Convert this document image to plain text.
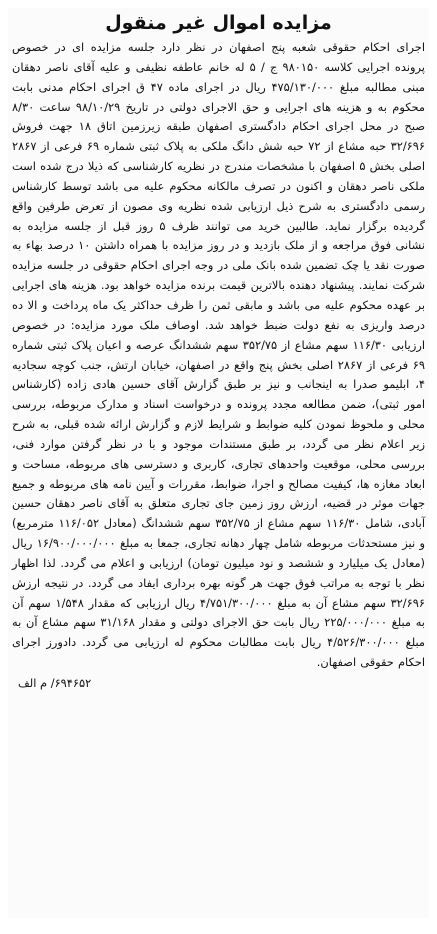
مزایده اموال غیر منقول

اجرای احکام حقوقی شعبه پنج اصفهان در نظر دارد جلسه مزایده ای در خصوص پرونده اجرایی کلاسه ۹۸۰۱۵۰ ج / ۵ له خانم عاطفه نظیفی و علیه آقای ناصر دهقان مبنی مطالبه مبلغ ۴۷۵/۱۳۰/۰۰۰ ریال در اجرای ماده ۴۷ ق اجرای احکام مدنی بابت محکوم به و هزینه های اجرایی و حق الاجرای دولتی در تاریخ ۹۸/۱۰/۲۹ ساعت ۸/۳۰ صبح در محل اجرای احکام دادگستری اصفهان طبقه زیرزمین اتاق ۱۸ جهت فروش ۳۲/۶۹۶ حبه مشاع از ۷۲ حبه شش دانگ ملکی به پلاک ثبتی شماره ۶۹ فرعی از ۲۸۶۷ اصلی بخش ۵ اصفهان با مشخصات مندرج در نظریه کارشناسی که ذیلا درج شده است ملکی ناصر دهقان و اکنون در تصرف مالکانه محکوم علیه می باشد توسط کارشناس رسمی دادگستری به شرح ذیل ارزیابی شده نظریه وی مصون از تعرض طرفین واقع گردیده برگزار نماید. طالبین خرید می توانند ظرف ۵ روز قبل از جلسه مزایده به نشانی فوق مراجعه و از ملک بازدید و در روز مزایده با همراه داشتن ۱۰ درصد بهاء به صورت نقد یا چک تضمین شده بانک ملی در وجه اجرای احکام حقوقی در جلسه مزایده شرکت نمایند. پیشنهاد دهنده بالاترین قیمت برنده مزایده خواهد بود. هزینه های اجرایی بر عهده محکوم علیه می باشد و مابقی ثمن را ظرف حداکثر یک ماه پرداخت و الا ده درصد واریزی به نفع دولت ضبط خواهد شد. اوصاف ملک مورد مزایده: در خصوص ارزیابی ۱۱۶/۳۰ سهم مشاع از ۳۵۲/۷۵ سهم ششدانگ عرصه و اعیان پلاک ثبتی شماره ۶۹ فرعی از ۲۸۶۷ اصلی بخش پنج واقع در اصفهان، خیابان ارتش، جنب کوچه سجادیه ۴، ابلیمو صدرا به اینجانب و نیز بر طبق گزارش آقای حسین هادی زاده (کارشناس امور ثبتی)، ضمن مطالعه مجدد پرونده و درخواست اسناد و مدارک مربوطه، بررسی محلی و ملحوظ نمودن کلیه ضوابط و شرایط لازم و گزارش ارائه شده قبلی، به شرح زیر اعلام نظر می گردد، بر طبق مستندات موجود و با در نظر گرفتن موارد فنی، بررسی محلی، موقعیت واحدهای تجاری، کاربری و دسترسی های مربوطه، مساحت و ابعاد مغازه ها، کیفیت مصالح و اجرا، ضوابط، مقررات و آیین نامه های مربوطه و جمیع جهات موثر در قضیه، ارزش روز زمین جای تجاری متعلق به آقای ناصر دهقان حسین آبادی، شامل ۱۱۶/۳۰ سهم مشاع از ۳۵۲/۷۵ سهم ششدانگ (معادل ۱۱۶/۰۵۲ مترمربع) و نیز مستحدثات مربوطه شامل چهار دهانه تجاری، جمعا به مبلغ ۱۶/۹۰۰/۰۰۰/۰۰۰ ریال (معادل یک میلیارد و ششصد و نود میلیون تومان) ارزیابی و اعلام می گردد. لذا اظهار نظر با توجه به مراتب فوق جهت هر گونه بهره برداری ایفاد می گردد. در نتیجه ارزش ۳۲/۶۹۶ سهم مشاع آن به مبلغ ۴/۷۵۱/۳۰۰/۰۰۰ ریال ارزیابی که مقدار ۱/۵۴۸ سهم آن به مبلغ ۲۲۵/۰۰۰/۰۰۰ ریال بابت حق الاجرای دولتی و مقدار ۳۱/۱۶۸ سهم مشاع آن به مبلغ ۴/۵۲۶/۳۰۰/۰۰۰ ریال بابت مطالبات محکوم له ارزیابی می گردد. دادورز اجرای احکام حقوقی اصفهان.

۶۹۴۶۵۲/ م الف
